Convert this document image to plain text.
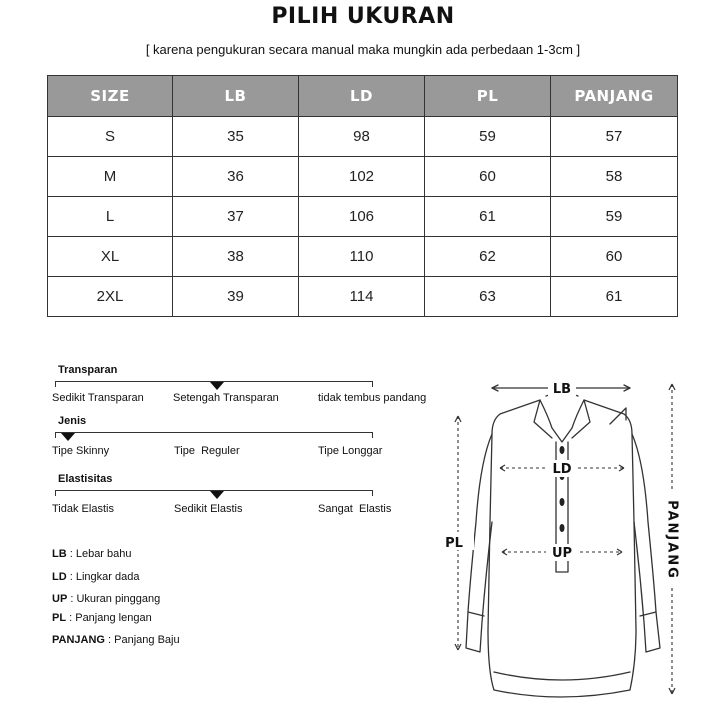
PILIH UKURAN
[ karena pengukuran secara manual maka mungkin ada perbedaan 1-3cm ]
SIZE	LB	LD	PL	PANJANG
S	35	98	59	57
M	36	102	60	58
L	37	106	61	59
XL	38	110	62	60
2XL	39	114	63	61
Transparan
Sedikit Transparan	Setengah Transparan	tidak tembus pandang
Jenis
Tipe Skinny	Tipe  Reguler	Tipe Longgar
Elastisitas
Tidak Elastis	Sedikit Elastis	Sangat  Elastis
LB : Lebar bahu
LD : Lingkar dada
UP : Ukuran pinggang
PL : Panjang lengan
PANJANG : Panjang Baju
LB
LD
UP
PL	PANJANG
